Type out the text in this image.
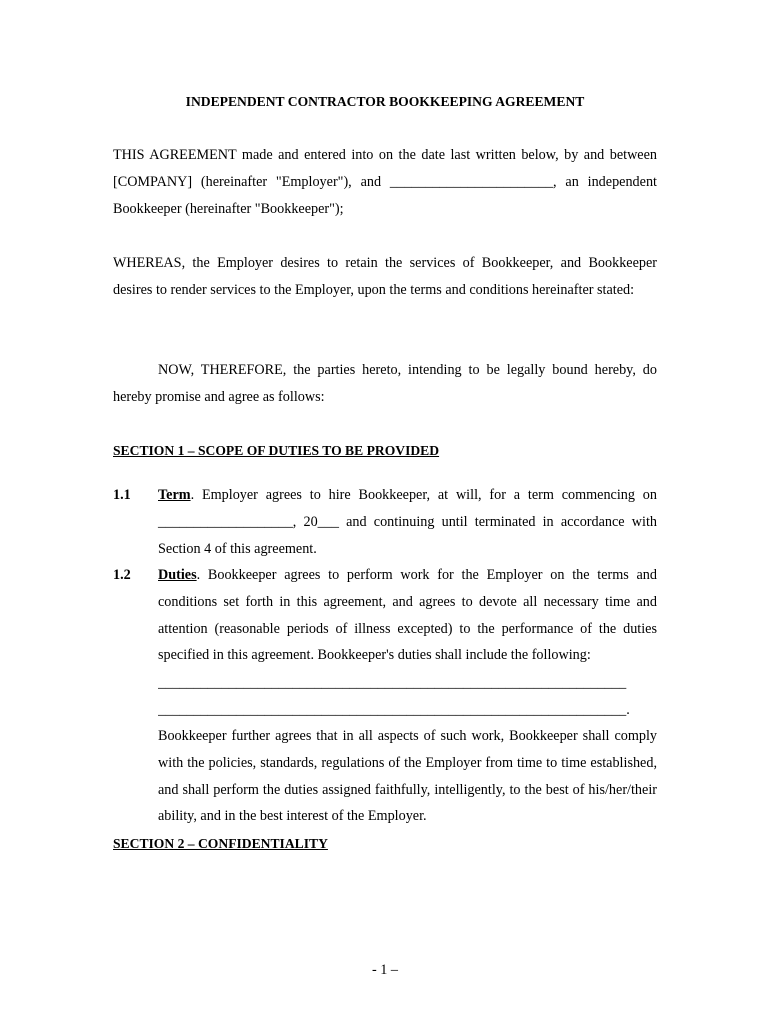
INDEPENDENT CONTRACTOR BOOKKEEPING AGREEMENT
THIS AGREEMENT made and entered into on the date last written below, by and between [COMPANY] (hereinafter "Employer"), and _______________________, an independent Bookkeeper (hereinafter "Bookkeeper");
WHEREAS, the Employer desires to retain the services of Bookkeeper, and Bookkeeper desires to render services to the Employer, upon the terms and conditions hereinafter stated:
NOW, THEREFORE, the parties hereto, intending to be legally bound hereby, do hereby promise and agree as follows:
SECTION 1 – SCOPE OF DUTIES TO BE PROVIDED
1.1 Term. Employer agrees to hire Bookkeeper, at will, for a term commencing on ___________________, 20___ and continuing until terminated in accordance with Section 4 of this agreement.
1.2 Duties. Bookkeeper agrees to perform work for the Employer on the terms and conditions set forth in this agreement, and agrees to devote all necessary time and attention (reasonable periods of illness excepted) to the performance of the duties specified in this agreement. Bookkeeper's duties shall include the following:
__________________________________________________________________
__________________________________________________________________.
Bookkeeper further agrees that in all aspects of such work, Bookkeeper shall comply with the policies, standards, regulations of the Employer from time to time established, and shall perform the duties assigned faithfully, intelligently, to the best of his/her/their ability, and in the best interest of the Employer.
SECTION 2 – CONFIDENTIALITY
- 1 –
